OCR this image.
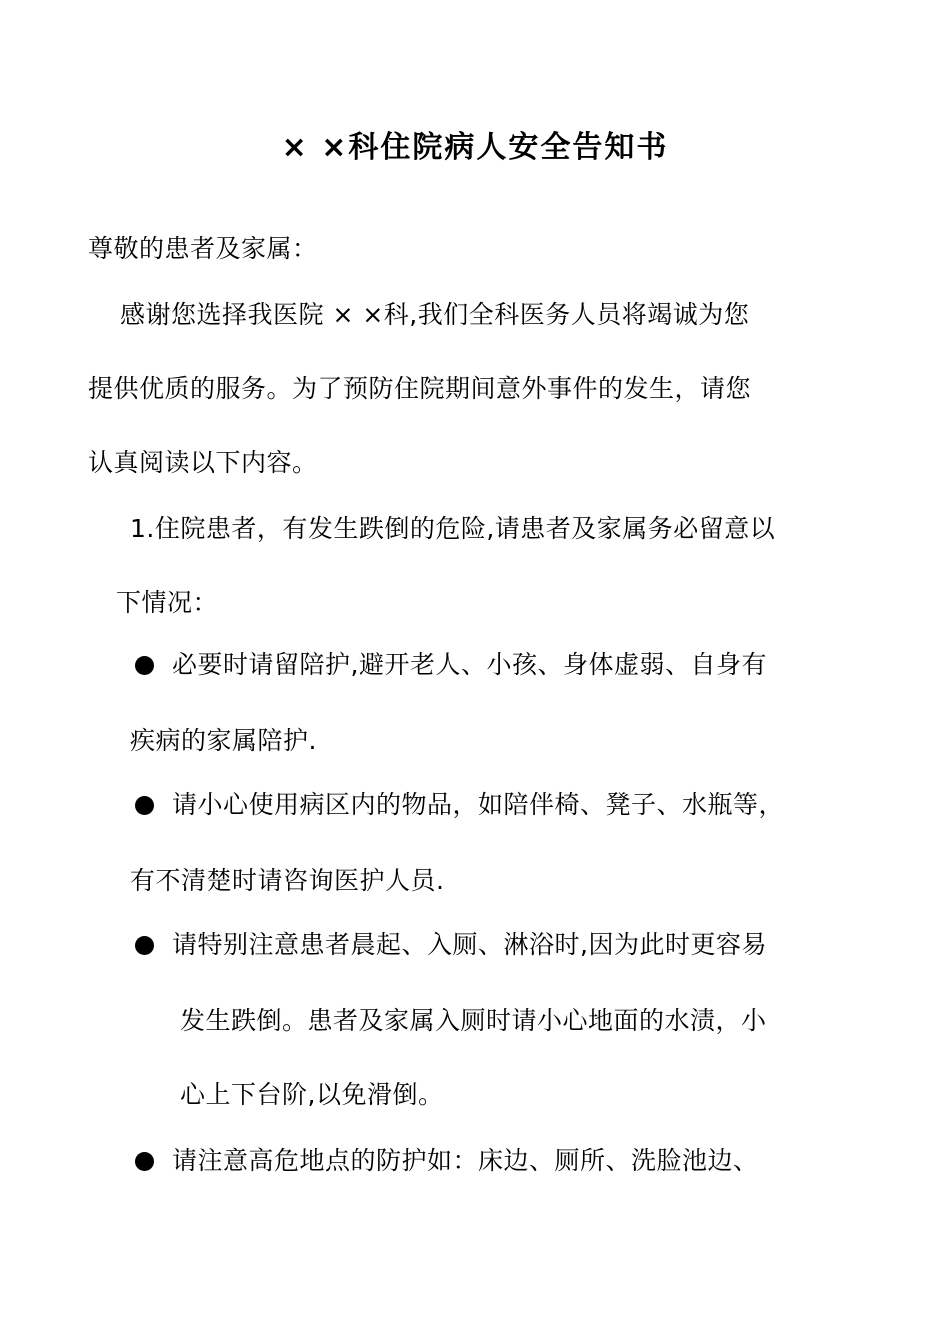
× ×科住院病人安全告知书
尊敬的患者及家属：
感谢您选择我医院 × ×科,我们全科医务人员将竭诚为您
提供优质的服务。为了预防住院期间意外事件的发生，请您
认真阅读以下内容。
1.住院患者，有发生跌倒的危险,请患者及家属务必留意以
下情况：
必要时请留陪护,避开老人、小孩、身体虚弱、自身有
疾病的家属陪护.
请小心使用病区内的物品，如陪伴椅、凳子、水瓶等，
有不清楚时请咨询医护人员.
请特别注意患者晨起、入厕、淋浴时,因为此时更容易
发生跌倒。患者及家属入厕时请小心地面的水渍，小
心上下台阶,以免滑倒。
请注意高危地点的防护如：床边、厕所、洗脸池边、
